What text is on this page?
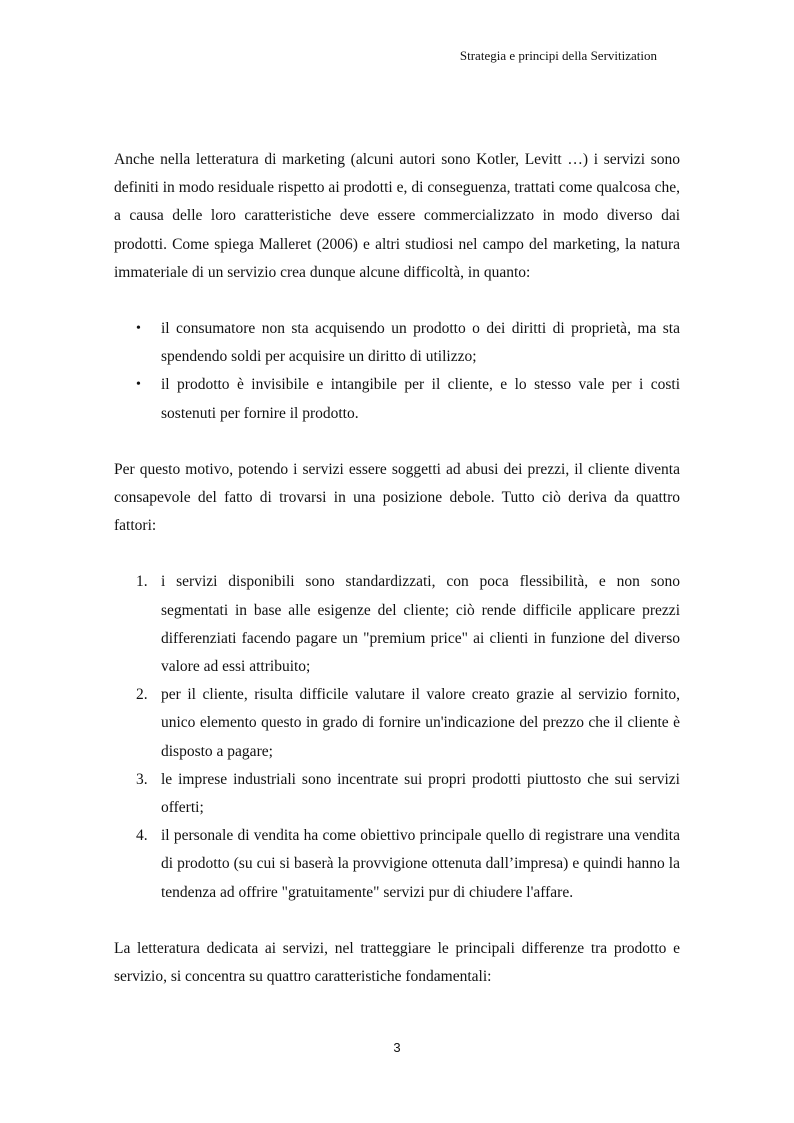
Strategia e principi della Servitization

Anche nella letteratura di marketing (alcuni autori sono Kotler, Levitt …) i servizi sono definiti in modo residuale rispetto ai prodotti e, di conseguenza, trattati come qualcosa che, a causa delle loro caratteristiche deve essere commercializzato in modo diverso dai prodotti. Come spiega Malleret (2006) e altri studiosi nel campo del marketing, la natura immateriale di un servizio crea dunque alcune difficoltà, in quanto:

• il consumatore non sta acquisendo un prodotto o dei diritti di proprietà, ma sta spendendo soldi per acquisire un diritto di utilizzo;
• il prodotto è invisibile e intangibile per il cliente, e lo stesso vale per i costi sostenuti per fornire il prodotto.

Per questo motivo, potendo i servizi essere soggetti ad abusi dei prezzi, il cliente diventa consapevole del fatto di trovarsi in una posizione debole. Tutto ciò deriva da quattro fattori:

1. i servizi disponibili sono standardizzati, con poca flessibilità, e non sono segmentati in base alle esigenze del cliente; ciò rende difficile applicare prezzi differenziati facendo pagare un "premium price" ai clienti in funzione del diverso valore ad essi attribuito;
2. per il cliente, risulta difficile valutare il valore creato grazie al servizio fornito, unico elemento questo in grado di fornire un'indicazione del prezzo che il cliente è disposto a pagare;
3. le imprese industriali sono incentrate sui propri prodotti piuttosto che sui servizi offerti;
4. il personale di vendita ha come obiettivo principale quello di registrare una vendita di prodotto (su cui si baserà la provvigione ottenuta dall’impresa) e quindi hanno la tendenza ad offrire "gratuitamente" servizi pur di chiudere l'affare.

La letteratura dedicata ai servizi, nel tratteggiare le principali differenze tra prodotto e servizio, si concentra su quattro caratteristiche fondamentali:

3
